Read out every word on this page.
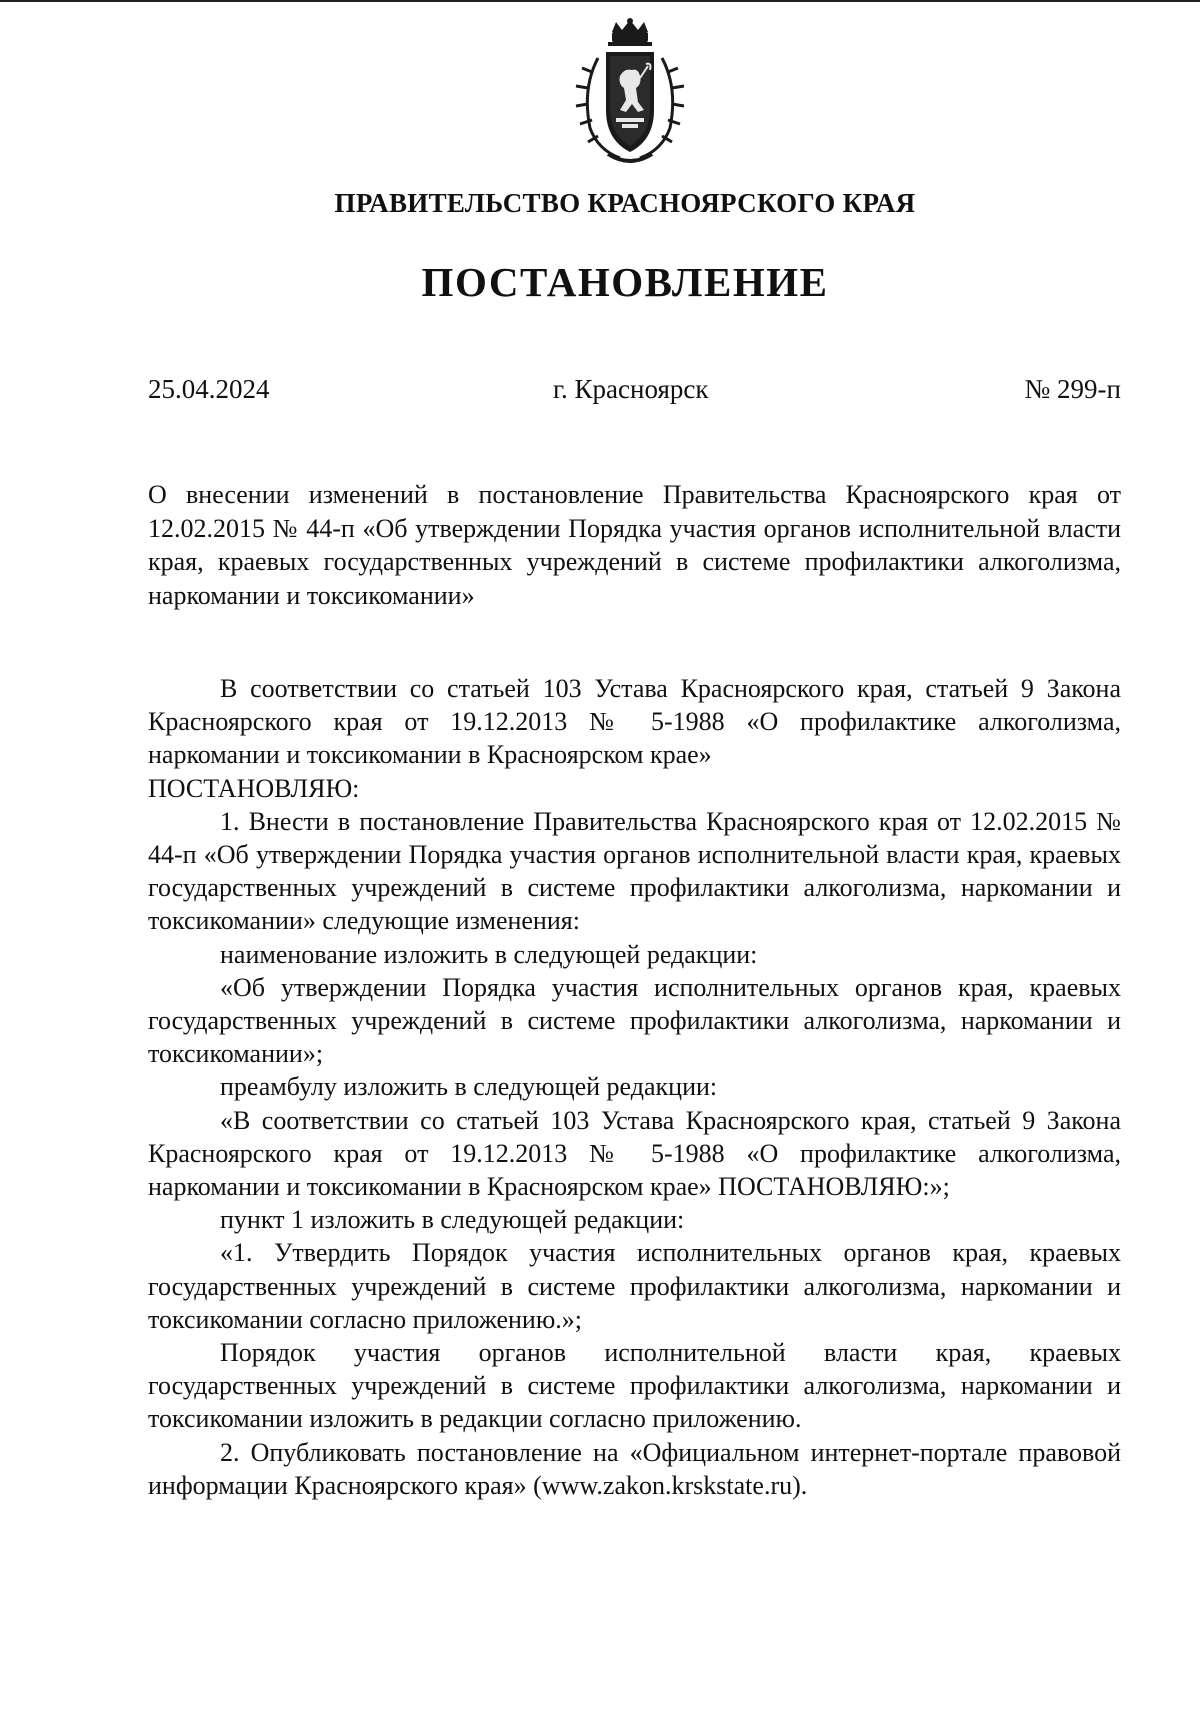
ПРАВИТЕЛЬСТВО КРАСНОЯРСКОГО КРАЯ
ПОСТАНОВЛЕНИЕ
25.04.2024	г. Красноярск	№ 299-п
О внесении изменений в постановление Правительства Красноярского края от 12.02.2015 № 44-п «Об утверждении Порядка участия органов исполнительной власти края, краевых государственных учреждений в системе профилактики алкоголизма, наркомании и токсикомании»

В соответствии со статьей 103 Устава Красноярского края, статьей 9 Закона Красноярского края от 19.12.2013 № 5-1988 «О профилактике алкоголизма, наркомании и токсикомании в Красноярском крае»

ПОСТАНОВЛЯЮ:

1. Внести в постановление Правительства Красноярского края от 12.02.2015 № 44-п «Об утверждении Порядка участия органов исполнительной власти края, краевых государственных учреждений в системе профилактики алкоголизма, наркомании и токсикомании» следующие изменения:

наименование изложить в следующей редакции:

«Об утверждении Порядка участия исполнительных органов края, краевых государственных учреждений в системе профилактики алкоголизма, наркомании и токсикомании»;

преамбулу изложить в следующей редакции:

«В соответствии со статьей 103 Устава Красноярского края, статьей 9 Закона Красноярского края от 19.12.2013 № 5-1988 «О профилактике алкоголизма, наркомании и токсикомании в Красноярском крае» ПОСТАНОВЛЯЮ:»;

пункт 1 изложить в следующей редакции:

«1. Утвердить Порядок участия исполнительных органов края, краевых государственных учреждений в системе профилактики алкоголизма, наркомании и токсикомании согласно приложению.»;

Порядок участия органов исполнительной власти края, краевых государственных учреждений в системе профилактики алкоголизма, наркомании и токсикомании изложить в редакции согласно приложению.

2. Опубликовать постановление на «Официальном интернет-портале правовой информации Красноярского края» (www.zakon.krskstate.ru).
